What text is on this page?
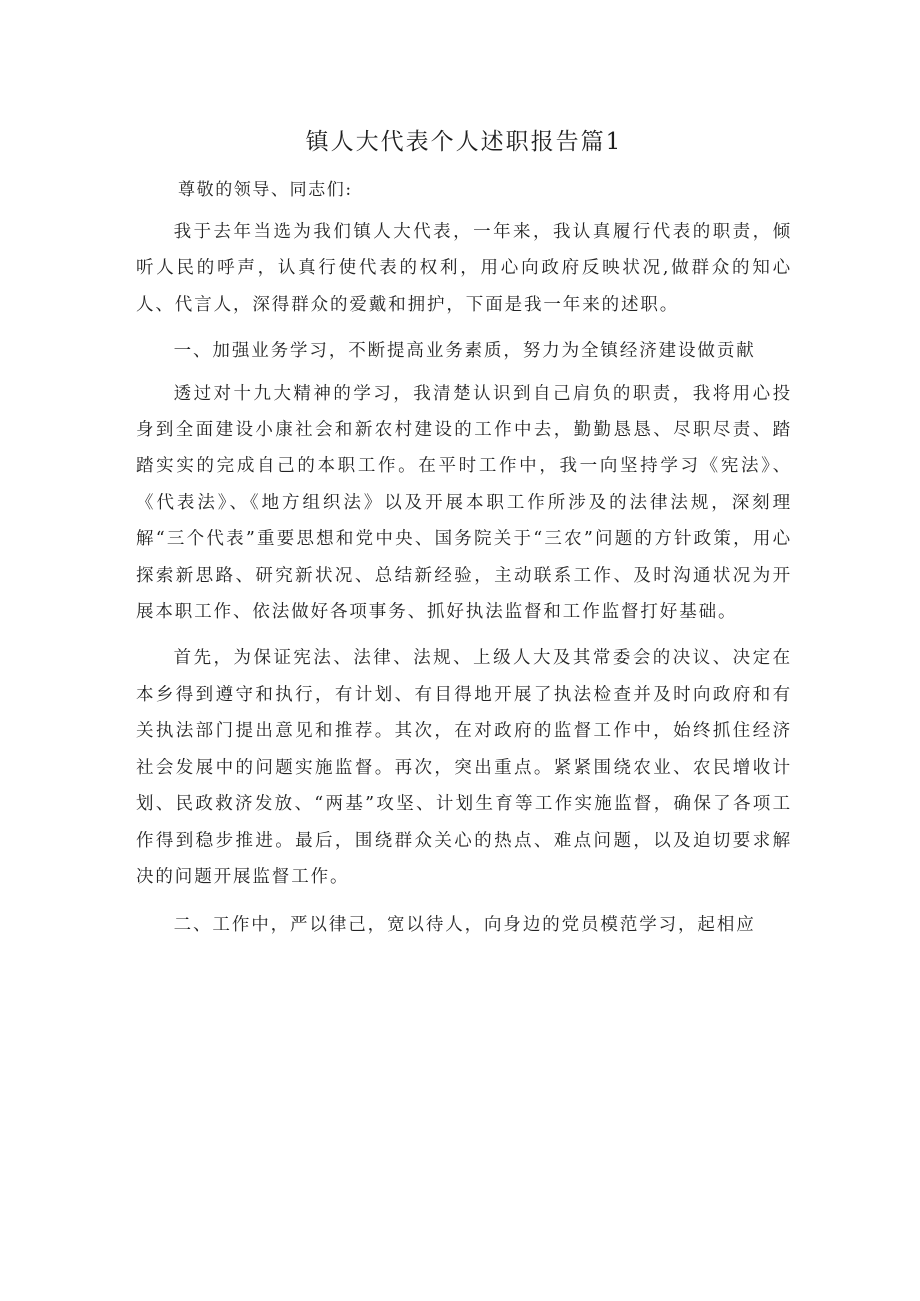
镇人大代表个人述职报告篇1

尊敬的领导、同志们:

我于去年当选为我们镇人大代表，一年来，我认真履行代表的职责，倾听人民的呼声，认真行使代表的权利，用心向政府反映状况,做群众的知心人、代言人，深得群众的爱戴和拥护，下面是我一年来的述职。

一、加强业务学习，不断提高业务素质，努力为全镇经济建设做贡献

透过对十九大精神的学习，我清楚认识到自己肩负的职责，我将用心投身到全面建设小康社会和新农村建设的工作中去，勤勤恳恳、尽职尽责、踏踏实实的完成自己的本职工作。在平时工作中，我一向坚持学习《宪法》、《代表法》、《地方组织法》以及开展本职工作所涉及的法律法规，深刻理解“三个代表”重要思想和党中央、国务院关于“三农”问题的方针政策，用心探索新思路、研究新状况、总结新经验，主动联系工作、及时沟通状况为开展本职工作、依法做好各项事务、抓好执法监督和工作监督打好基础。

首先，为保证宪法、法律、法规、上级人大及其常委会的决议、决定在本乡得到遵守和执行，有计划、有目得地开展了执法检查并及时向政府和有关执法部门提出意见和推荐。其次，在对政府的监督工作中，始终抓住经济社会发展中的问题实施监督。再次，突出重点。紧紧围绕农业、农民增收计划、民政救济发放、“两基”攻坚、计划生育等工作实施监督，确保了各项工作得到稳步推进。最后，围绕群众关心的热点、难点问题，以及迫切要求解决的问题开展监督工作。

二、工作中，严以律己，宽以待人，向身边的党员模范学习，起相应
